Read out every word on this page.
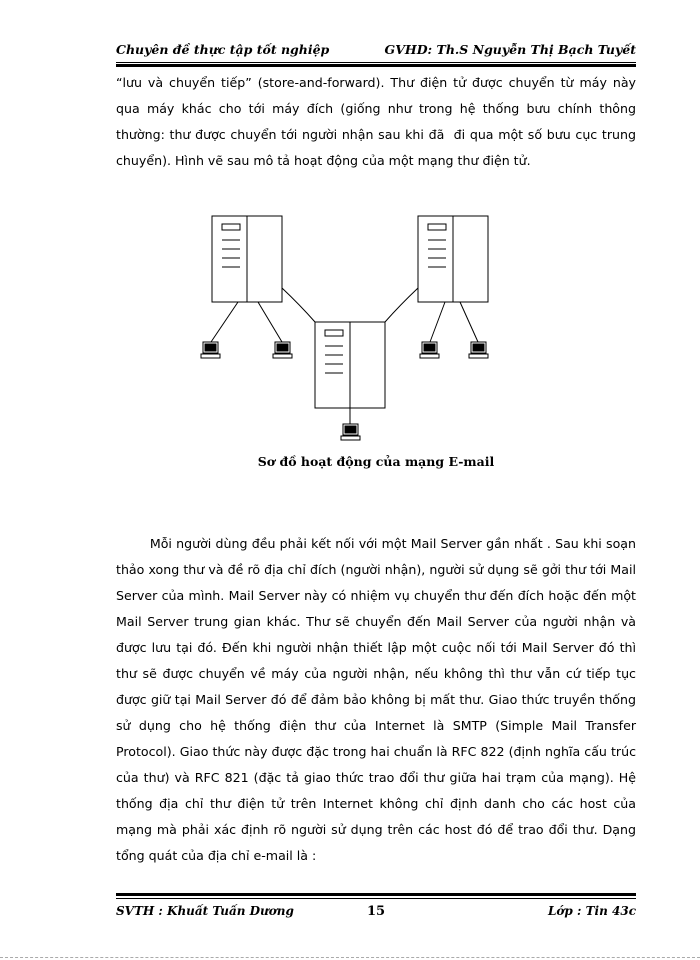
Chuyên đề thực tập tốt nghiệp	GVHD: Th.S Nguyễn Thị Bạch Tuyết

“lưu và chuyển tiếp” (store-and-forward). Thư điện tử được chuyển từ máy này qua máy khác cho tới máy đích (giống như trong hệ thống bưu chính thông thường: thư được chuyển tới người nhận sau khi đã  đi qua một số bưu cục trung chuyển). Hình vẽ sau mô tả hoạt động của một mạng thư điện tử.

Sơ đồ hoạt động của mạng E-mail

Mỗi người dùng đều phải kết nối với một Mail Server gần nhất . Sau khi soạn thảo xong thư và đề rõ địa chỉ đích (người nhận), người sử dụng sẽ gởi thư tới Mail Server của mình. Mail Server này có nhiệm vụ chuyển thư đến đích hoặc đến một Mail Server trung gian khác. Thư sẽ chuyển đến Mail Server của người nhận và được lưu tại đó. Đến khi người nhận thiết lập một cuộc nối tới Mail Server đó thì thư sẽ được chuyển về máy của người nhận, nếu không thì thư vẫn cứ tiếp tục được giữ tại Mail Server đó để đảm bảo không bị mất thư. Giao thức truyền thống sử dụng cho hệ thống điện thư của Internet là SMTP (Simple Mail Transfer Protocol). Giao thức này được đặc trong hai chuẩn là RFC 822 (định nghĩa cấu trúc của thư) và RFC 821 (đặc tả giao thức trao đổi thư giữa hai trạm của mạng). Hệ thống địa chỉ thư điện tử trên Internet không chỉ định danh cho các host của mạng mà phải xác định rõ người sử dụng trên các host đó để trao đổi thư. Dạng tổng quát của địa chỉ e-mail là :

SVTH : Khuất Tuấn Dương	15	Lớp : Tin 43c
